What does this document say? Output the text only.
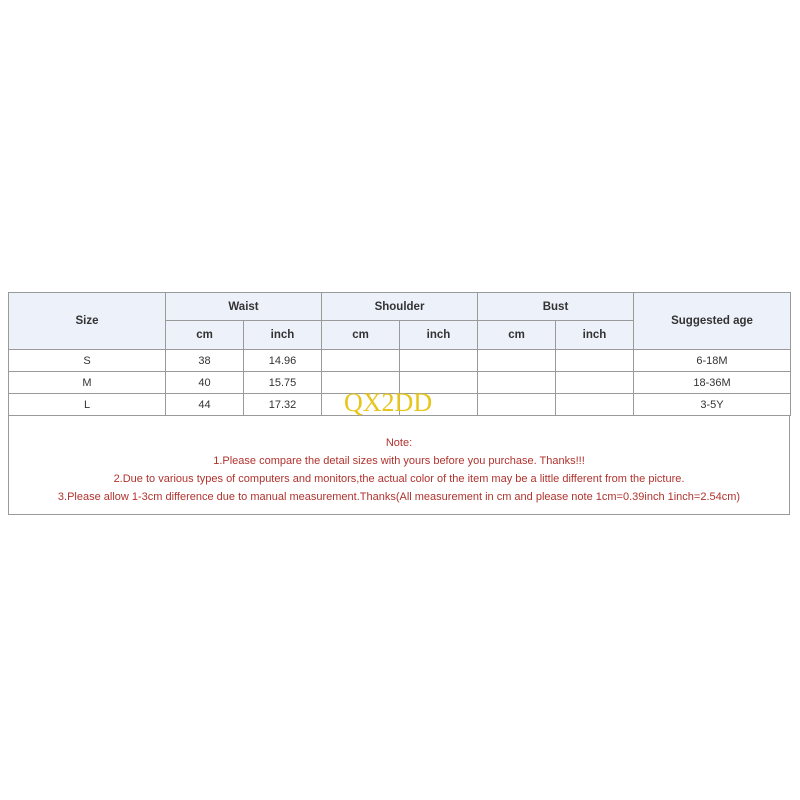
Size	Waist		Shoulder		Bust		Suggested age
	cm	inch	cm	inch	cm	inch	
S	38	14.96					6-18M
M	40	15.75					18-36M
L	44	17.32					3-5Y
Note:
1.Please compare the detail sizes with yours before you purchase. Thanks!!!
2.Due to various types of computers and monitors,the actual color of the item may be a little different from the picture.
3.Please allow 1-3cm difference due to manual measurement.Thanks(All measurement in cm and please note 1cm=0.39inch 1inch=2.54cm)
QX2DD
